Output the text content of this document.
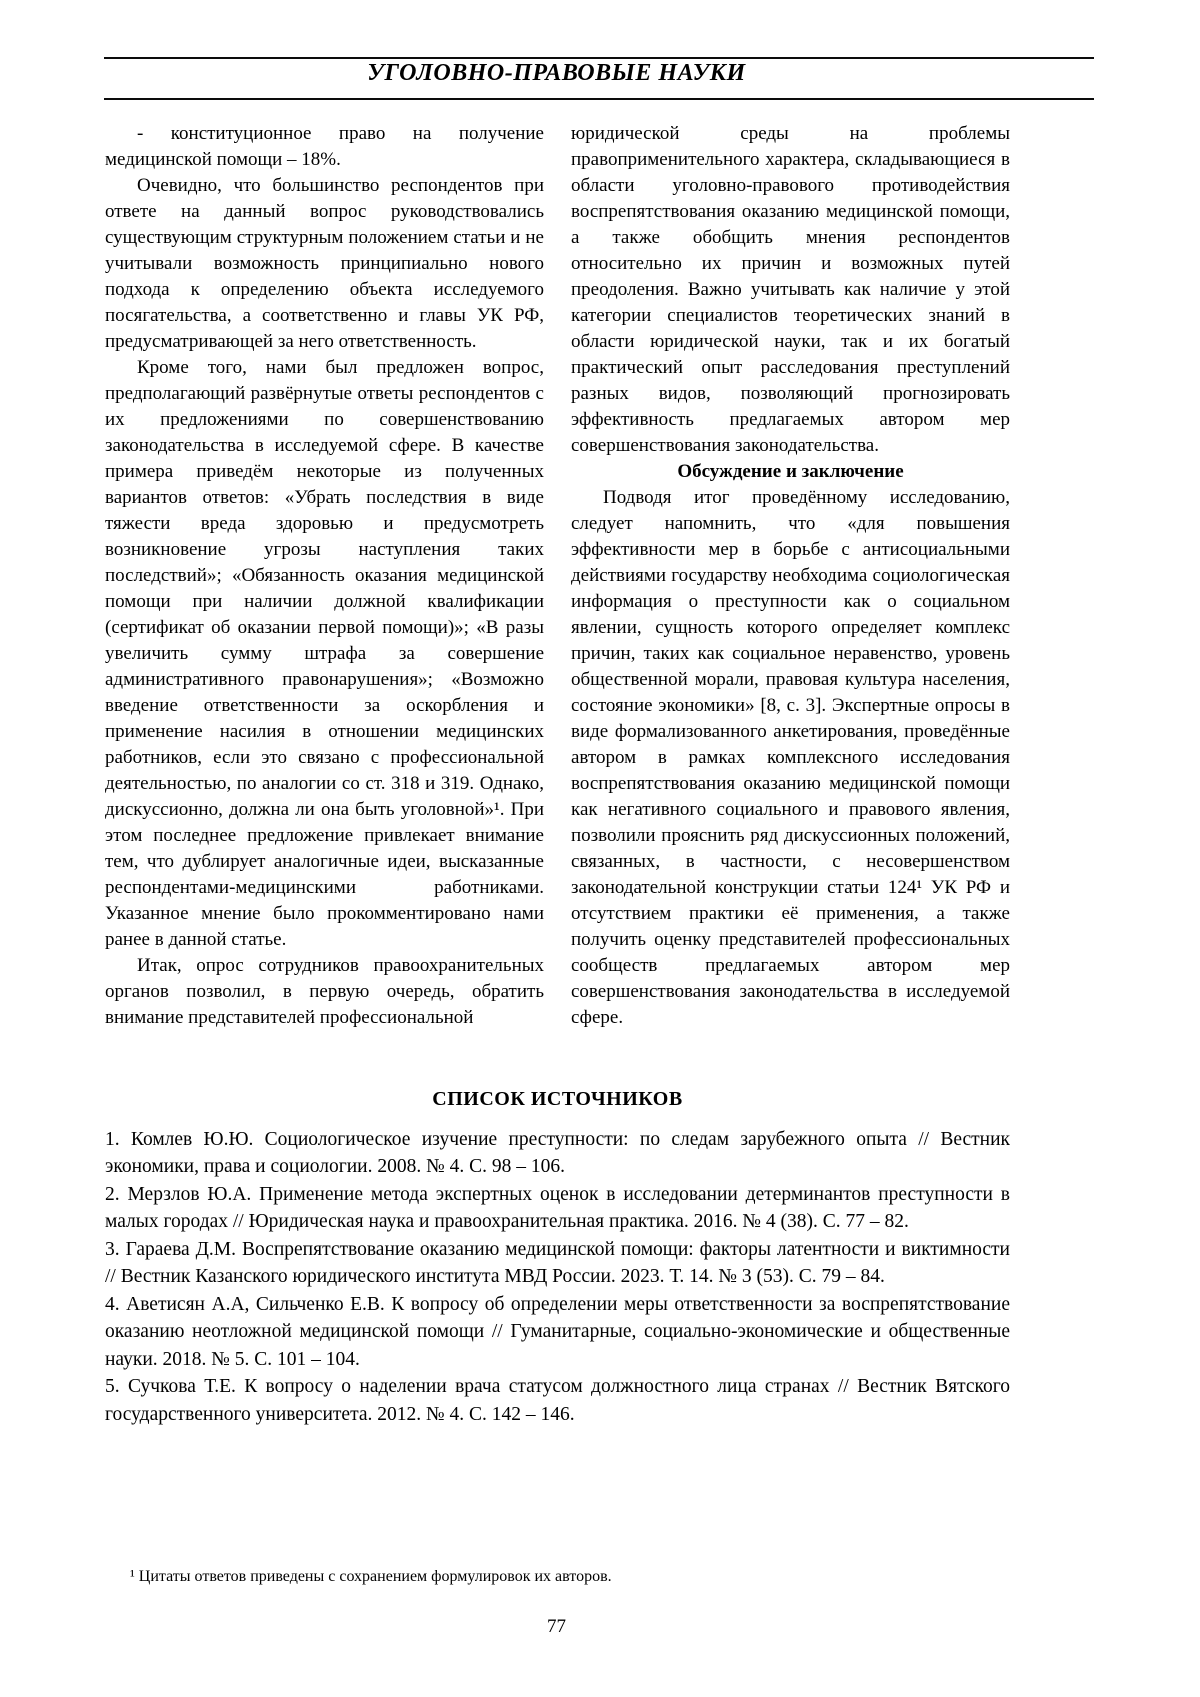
УГОЛОВНО-ПРАВОВЫЕ НАУКИ

- конституционное право на получение медицинской помощи – 18%.

Очевидно, что большинство респондентов при ответе на данный вопрос руководствовались существующим структурным положением статьи и не учитывали возможность принципиально нового подхода к определению объекта исследуемого посягательства, а соответственно и главы УК РФ, предусматривающей за него ответственность.

Кроме того, нами был предложен вопрос, предполагающий развёрнутые ответы респондентов с их предложениями по совершенствованию законодательства в исследуемой сфере. В качестве примера приведём некоторые из полученных вариантов ответов: «Убрать последствия в виде тяжести вреда здоровью и предусмотреть возникновение угрозы наступления таких последствий»; «Обязанность оказания медицинской помощи при наличии должной квалификации (сертификат об оказании первой помощи)»; «В разы увеличить сумму штрафа за совершение административного правонарушения»; «Возможно введение ответственности за оскорбления и применение насилия в отношении медицинских работников, если это связано с профессиональной деятельностью, по аналогии со ст. 318 и 319. Однако, дискуссионно, должна ли она быть уголовной»¹. При этом последнее предложение привлекает внимание тем, что дублирует аналогичные идеи, высказанные респондентами-медицинскими работниками. Указанное мнение было прокомментировано нами ранее в данной статье.

Итак, опрос сотрудников правоохранительных органов позволил, в первую очередь, обратить внимание представителей профессиональной

юридической среды на проблемы правоприменительного характера, складывающиеся в области уголовно-правового противодействия воспрепятствования оказанию медицинской помощи, а также обобщить мнения респондентов относительно их причин и возможных путей преодоления. Важно учитывать как наличие у этой категории специалистов теоретических знаний в области юридической науки, так и их богатый практический опыт расследования преступлений разных видов, позволяющий прогнозировать эффективность предлагаемых автором мер совершенствования законодательства.

Обсуждение и заключение

Подводя итог проведённому исследованию, следует напомнить, что «для повышения эффективности мер в борьбе с антисоциальными действиями государству необходима социологическая информация о преступности как о социальном явлении, сущность которого определяет комплекс причин, таких как социальное неравенство, уровень общественной морали, правовая культура населения, состояние экономики» [8, с. 3]. Экспертные опросы в виде формализованного анкетирования, проведённые автором в рамках комплексного исследования воспрепятствования оказанию медицинской помощи как негативного социального и правового явления, позволили прояснить ряд дискуссионных положений, связанных, в частности, с несовершенством законодательной конструкции статьи 124¹ УК РФ и отсутствием практики её применения, а также получить оценку представителей профессиональных сообществ предлагаемых автором мер совершенствования законодательства в исследуемой сфере.

СПИСОК ИСТОЧНИКОВ

1. Комлев Ю.Ю. Социологическое изучение преступности: по следам зарубежного опыта // Вестник экономики, права и социологии. 2008. № 4. С. 98 – 106.

2. Мерзлов Ю.А. Применение метода экспертных оценок в исследовании детерминантов преступности в малых городах // Юридическая наука и правоохранительная практика. 2016. № 4 (38). С. 77 – 82.

3. Гараева Д.М. Воспрепятствование оказанию медицинской помощи: факторы латентности и виктимности // Вестник Казанского юридического института МВД России. 2023. Т. 14. № 3 (53). С. 79 – 84.

4. Аветисян А.А, Сильченко Е.В. К вопросу об определении меры ответственности за воспрепятствование оказанию неотложной медицинской помощи // Гуманитарные, социально-экономические и общественные науки. 2018. № 5. С. 101 – 104.

5. Сучкова Т.Е. К вопросу о наделении врача статусом должностного лица странах // Вестник Вятского государственного университета. 2012. № 4. С. 142 – 146.

¹ Цитаты ответов приведены с сохранением формулировок их авторов.

77
